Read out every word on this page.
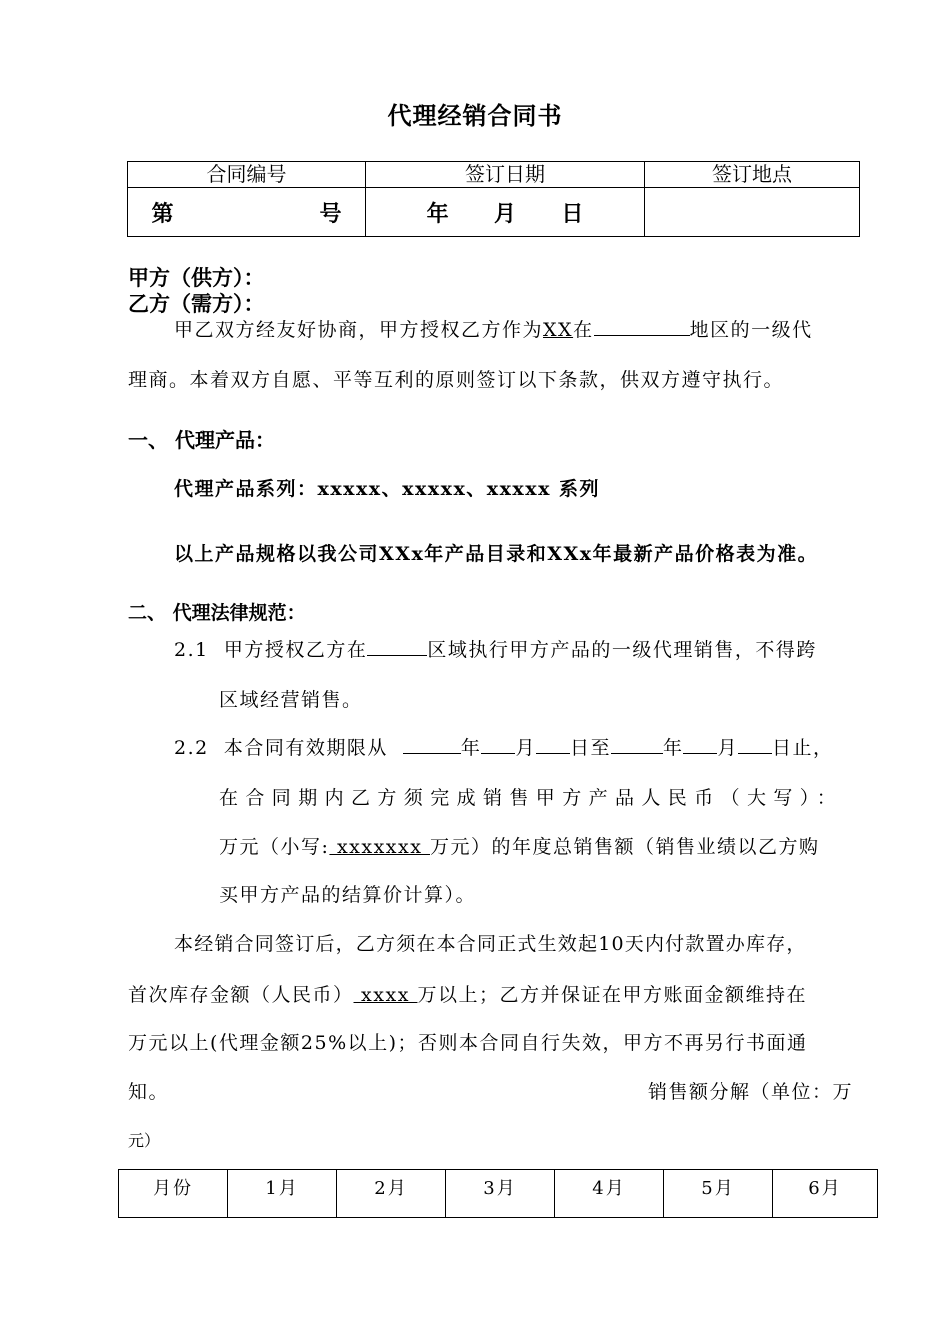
代理经销合同书
合同编号	签订日期	签订地点
第 号	年 月 日	
甲方（供方）：
乙方（需方）：
甲乙双方经友好协商，甲方授权乙方作为XX在	地区的一级代
理商。本着双方自愿、平等互利的原则签订以下条款，供双方遵守执行。
一、 代理产品：
代理产品系列：xxxxx、xxxxx、xxxxx 系列
以上产品规格以我公司XXx年产品目录和XXx年最新产品价格表为准。
二、 代理法律规范：
2.1 甲方授权乙方在	区域执行甲方产品的一级代理销售，不得跨
区域经营销售。
2.2 本合同有效期限从	年 月 日至	年 月 日止，
在合同期内乙方须完成销售甲方产品人民币（大写）：
万元（小写: xxxxxxx 万元）的年度总销售额（销售业绩以乙方购
买甲方产品的结算价计算）。
本经销合同签订后，乙方须在本合同正式生效起10天内付款置办库存，
首次库存金额（人民币） xxxx 万以上；乙方并保证在甲方账面金额维持在
万元以上(代理金额25%以上)；否则本合同自行失效，甲方不再另行书面通
知。	销售额分解（单位：万
元）
月份	1月	2月	3月	4月	5月	6月
